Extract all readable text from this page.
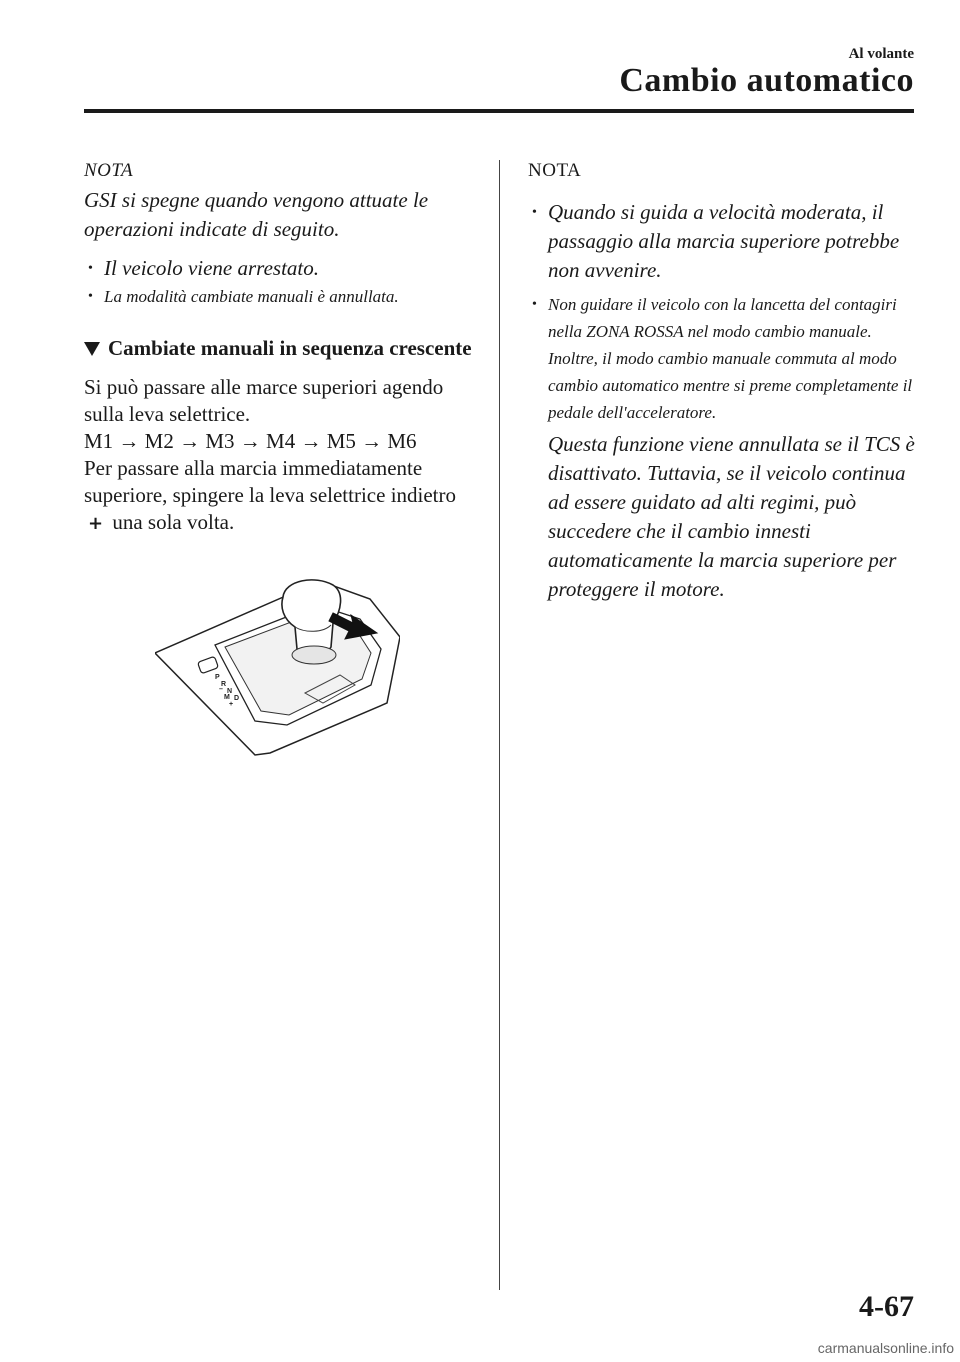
Al volante
Cambio automatico
NOTA

GSI si spegne quando vengono attuate le operazioni indicate di seguito.

• Il veicolo viene arrestato.
• La modalità cambiate manuali è annullata.
Cambiate manuali in sequenza crescente

Si può passare alle marce superiori agendo sulla leva selettrice.

M1 → M2 → M3 → M4 → M5 → M6

Per passare alla marcia immediatamente superiore, spingere la leva selettrice indietro + una sola volta.

P
R
N
D
M
–
+
NOTA
• Quando si guida a velocità moderata, il passaggio alla marcia superiore potrebbe non avvenire.
• Non guidare il veicolo con la lancetta del contagiri nella ZONA ROSSA nel modo cambio manuale. Inoltre, il modo cambio manuale commuta al modo cambio automatico mentre si preme completamente il pedale dell'acceleratore.

Questa funzione viene annullata se il TCS è disattivato. Tuttavia, se il veicolo continua ad essere guidato ad alti regimi, può succedere che il cambio innesti automaticamente la marcia superiore per proteggere il motore.

4-67
carmanualsonline.info
